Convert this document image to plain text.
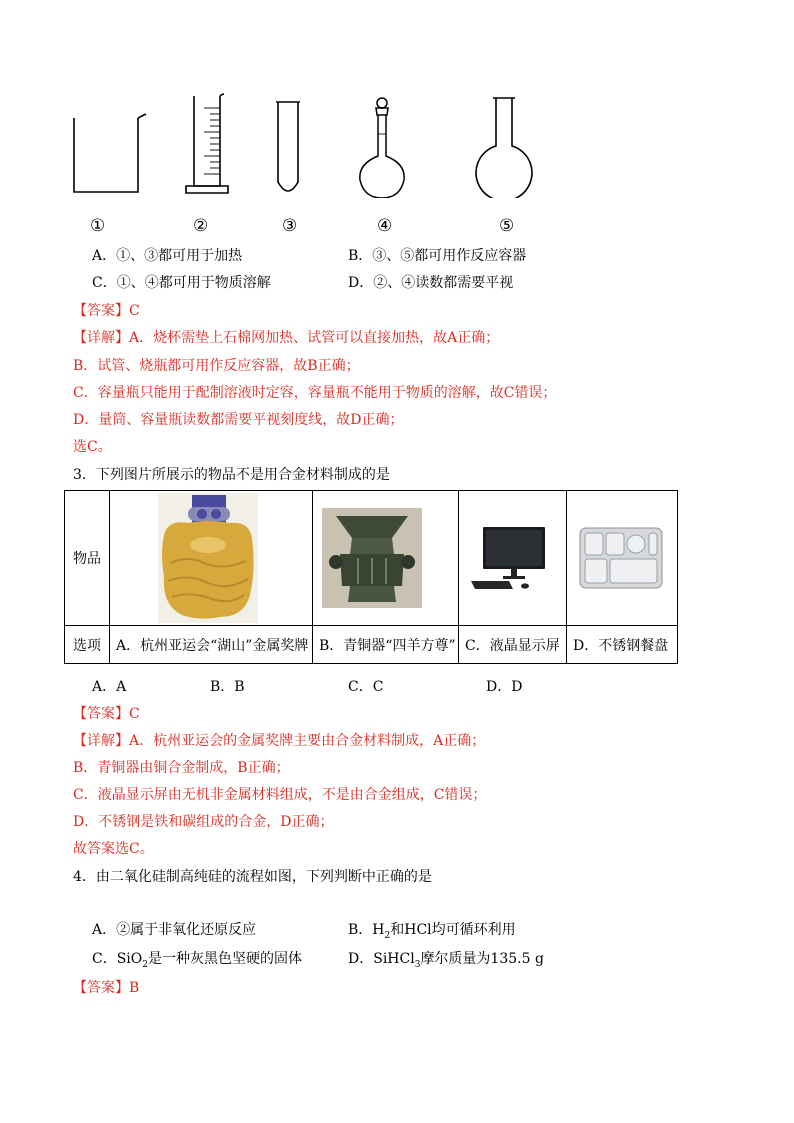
①	②	③	④	⑤
A．①、③都可用于加热	B．③、⑤都可用作反应容器
C．①、④都可用于物质溶解	D．②、④读数都需要平视
【答案】C
【详解】A．烧杯需垫上石棉网加热、试管可以直接加热，故A正确；
B．试管、烧瓶都可用作反应容器，故B正确；
C．容量瓶只能用于配制溶液时定容，容量瓶不能用于物质的溶解，故C错误；
D．量筒、容量瓶读数都需要平视刻度线，故D正确；
选C。
3．下列图片所展示的物品不是用合金材料制成的是
物品	

选项	A．杭州亚运会“湖山”金属奖牌	B．青铜器“四羊方尊”	C．液晶显示屏	D．不锈钢餐盘
A．A	B．B	C．C	D．D
【答案】C
【详解】A．杭州亚运会的金属奖牌主要由合金材料制成，A正确；
B．青铜器由铜合金制成，B正确；
C．液晶显示屏由无机非金属材料组成，不是由合金组成，C错误；
D．不锈钢是铁和碳组成的合金，D正确；
故答案选C。
4．由二氧化硅制高纯硅的流程如图，下列判断中正确的是
A．②属于非氧化还原反应	B．$H_2$和HCl均可循环利用
C．SiO$_2$是一种灰黑色坚硬的固体	D．SiHCl$_3$摩尔质量为135.5 g
【答案】B
